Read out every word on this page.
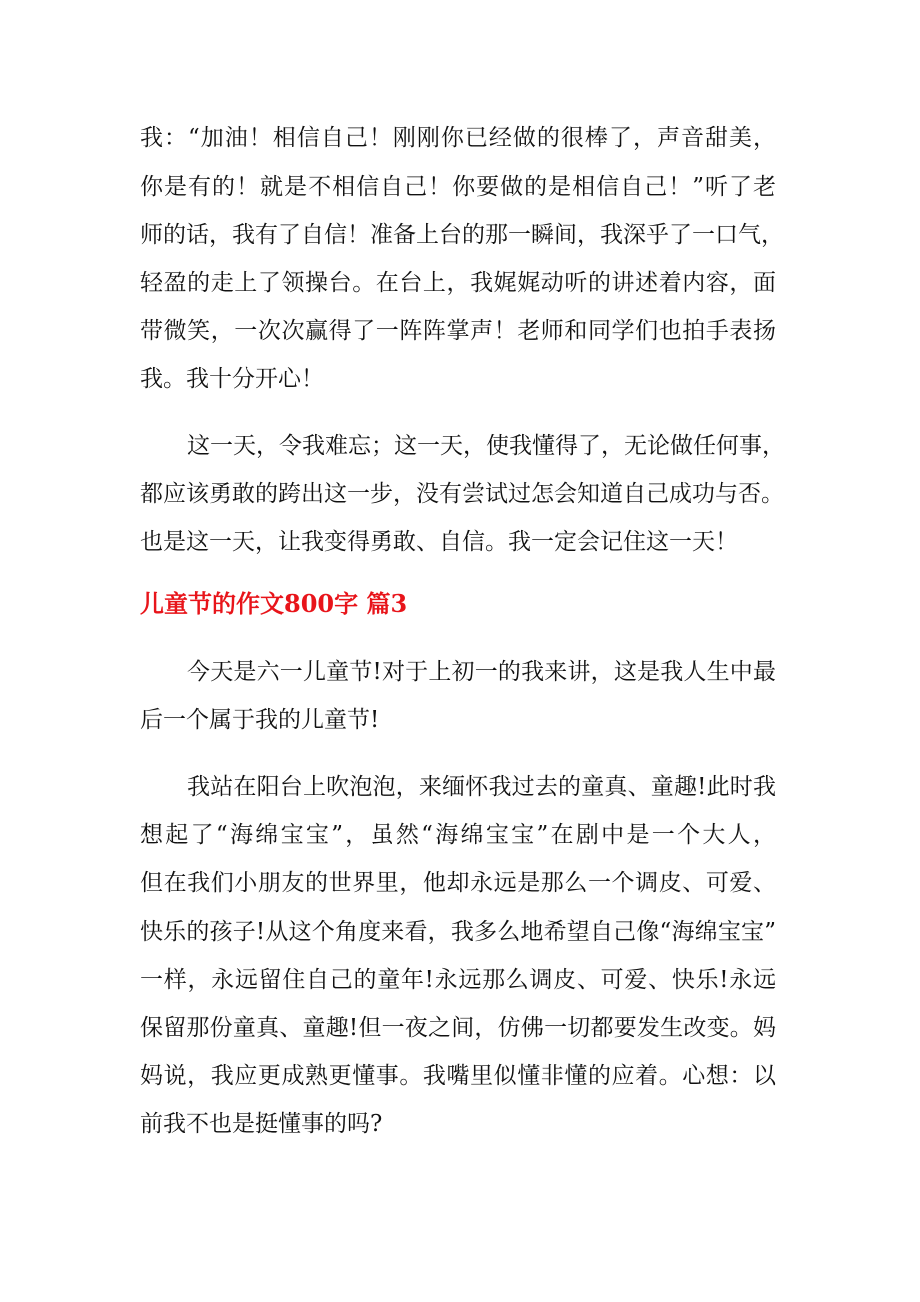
我：“加油！相信自己！刚刚你已经做的很棒了，声音甜美，
你是有的！就是不相信自己！你要做的是相信自己！”听了老
师的话，我有了自信！准备上台的那一瞬间，我深乎了一口气，
轻盈的走上了领操台。在台上，我娓娓动听的讲述着内容，面
带微笑，一次次赢得了一阵阵掌声！老师和同学们也拍手表扬
我。我十分开心！
这一天，令我难忘；这一天，使我懂得了，无论做任何事，
都应该勇敢的跨出这一步，没有尝试过怎会知道自己成功与否。
也是这一天，让我变得勇敢、自信。我一定会记住这一天！
儿童节的作文800字 篇3
今天是六一儿童节!对于上初一的我来讲，这是我人生中最
后一个属于我的儿童节!
我站在阳台上吹泡泡，来缅怀我过去的童真、童趣!此时我
想起了“海绵宝宝”，虽然“海绵宝宝”在剧中是一个大人，
但在我们小朋友的世界里，他却永远是那么一个调皮、可爱、
快乐的孩子!从这个角度来看，我多么地希望自己像“海绵宝宝”
一样，永远留住自己的童年!永远那么调皮、可爱、快乐!永远
保留那份童真、童趣!但一夜之间，仿佛一切都要发生改变。妈
妈说，我应更成熟更懂事。我嘴里似懂非懂的应着。心想：以
前我不也是挺懂事的吗?
